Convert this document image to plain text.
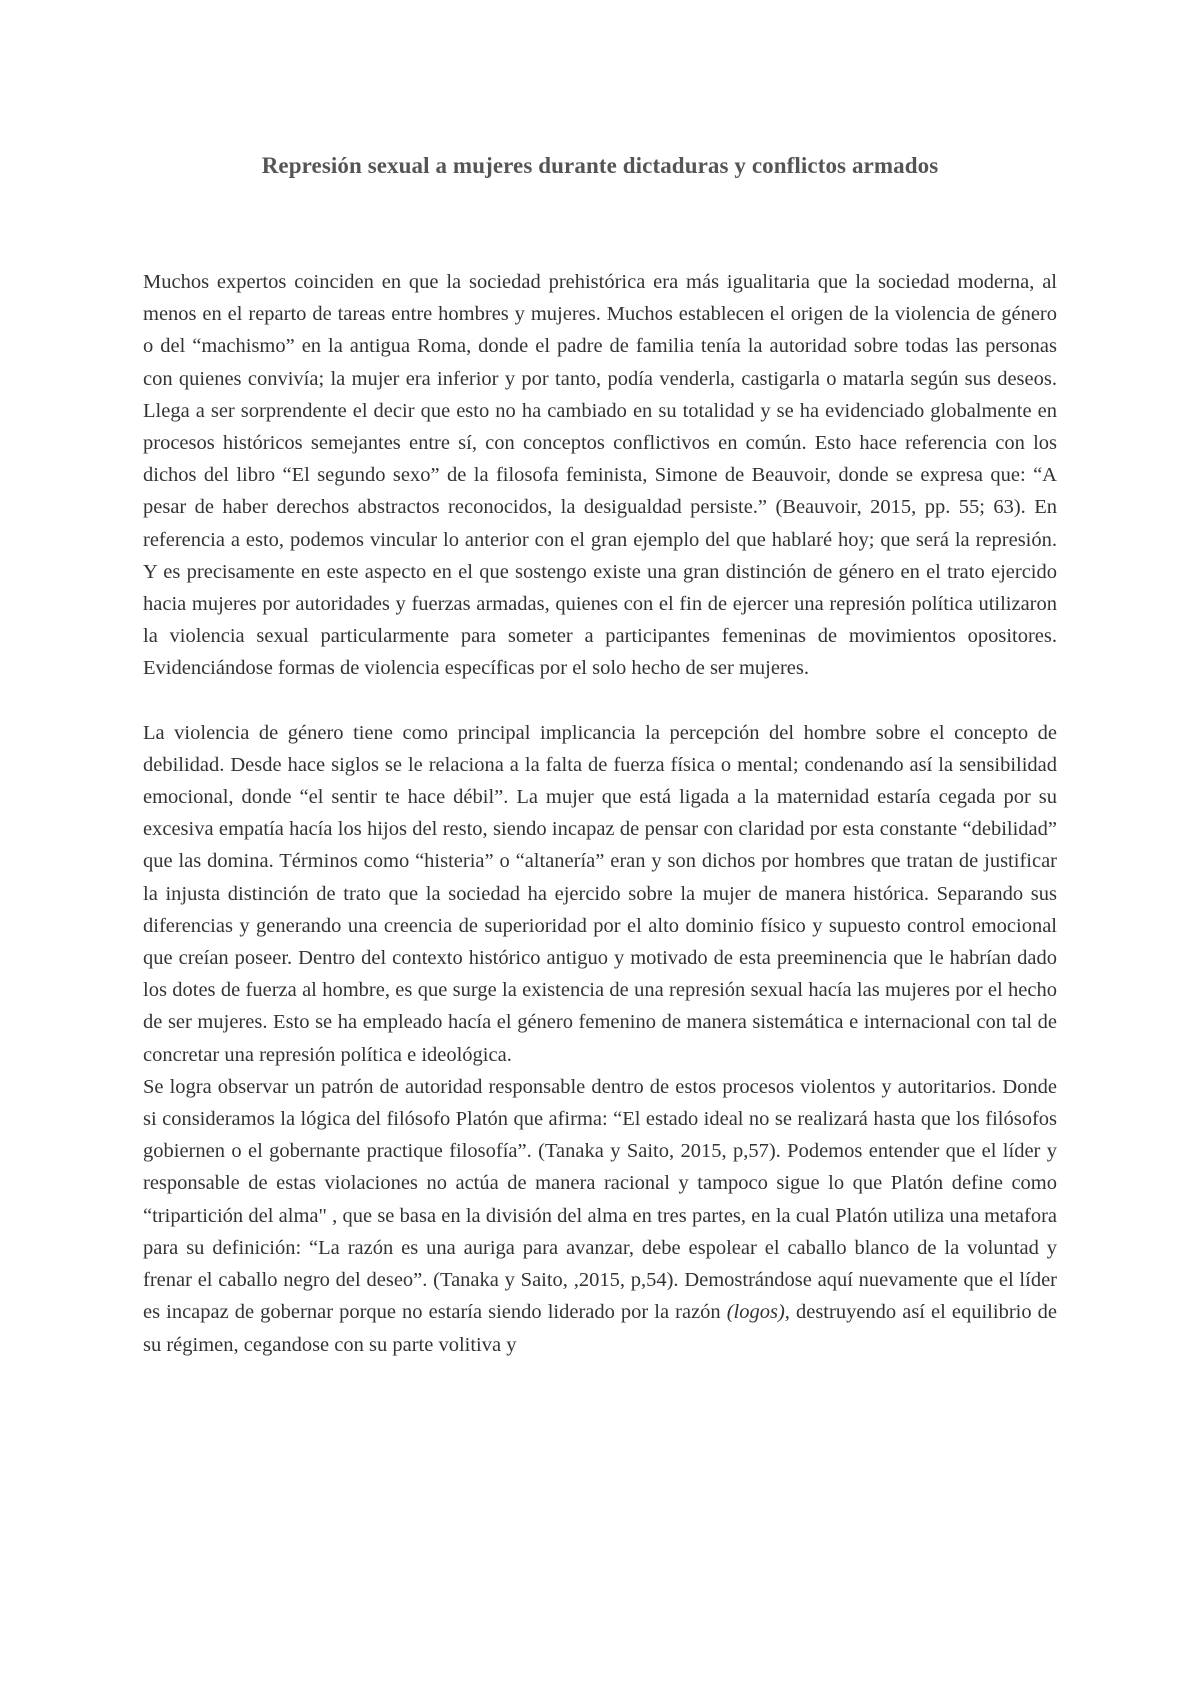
Represión sexual a mujeres durante dictaduras y conflictos armados

Muchos expertos coinciden en que la sociedad prehistórica era más igualitaria que la sociedad moderna, al menos en el reparto de tareas entre hombres y mujeres. Muchos establecen el origen de la violencia de género o del “machismo” en la antigua Roma, donde el padre de familia tenía la autoridad sobre todas las personas con quienes convivía; la mujer era inferior y por tanto, podía venderla, castigarla o matarla según sus deseos. Llega a ser sorprendente el decir que esto no ha cambiado en su totalidad y se ha evidenciado globalmente en procesos históricos semejantes entre sí, con conceptos conflictivos en común. Esto hace referencia con los dichos del libro “El segundo sexo” de la filosofa feminista, Simone de Beauvoir, donde se expresa que: “A pesar de haber derechos abstractos reconocidos, la desigualdad persiste.” (Beauvoir, 2015, pp. 55; 63). En referencia a esto, podemos vincular lo anterior con el gran ejemplo del que hablaré hoy; que será la represión. Y es precisamente en este aspecto en el que sostengo existe una gran distinción de género en el trato ejercido hacia mujeres por autoridades y fuerzas armadas, quienes con el fin de ejercer una represión política utilizaron la violencia sexual particularmente para someter a participantes femeninas de movimientos opositores. Evidenciándose formas de violencia específicas por el solo hecho de ser mujeres.

La violencia de género tiene como principal implicancia la percepción del hombre sobre el concepto de debilidad. Desde hace siglos se le relaciona a la falta de fuerza física o mental; condenando así la sensibilidad emocional, donde “el sentir te hace débil”. La mujer que está ligada a la maternidad estaría cegada por su excesiva empatía hacía los hijos del resto, siendo incapaz de pensar con claridad por esta constante “debilidad” que las domina. Términos como “histeria” o “altanería” eran y son dichos por hombres que tratan de justificar la injusta distinción de trato que la sociedad ha ejercido sobre la mujer de manera histórica. Separando sus diferencias y generando una creencia de superioridad por el alto dominio físico y supuesto control emocional que creían poseer. Dentro del contexto histórico antiguo y motivado de esta preeminencia que le habrían dado los dotes de fuerza al hombre, es que surge la existencia de una represión sexual hacía las mujeres por el hecho de ser mujeres. Esto se ha empleado hacía el género femenino de manera sistemática e internacional con tal de concretar una represión política e ideológica.

Se logra observar un patrón de autoridad responsable dentro de estos procesos violentos y autoritarios. Donde si consideramos la lógica del filósofo Platón que afirma: “El estado ideal no se realizará hasta que los filósofos gobiernen o el gobernante practique filosofía”. (Tanaka y Saito, 2015, p,57). Podemos entender que el líder y responsable de estas violaciones no actúa de manera racional y tampoco sigue lo que Platón define como “tripartición del alma" , que se basa en la división del alma en tres partes, en la cual Platón utiliza una metafora para su definición: “La razón es una auriga para avanzar, debe espolear el caballo blanco de la voluntad y frenar el caballo negro del deseo”. (Tanaka y Saito, ,2015, p,54). Demostrándose aquí nuevamente que el líder es incapaz de gobernar porque no estaría siendo liderado por la razón (logos), destruyendo así el equilibrio de su régimen, cegandose con su parte volitiva y
